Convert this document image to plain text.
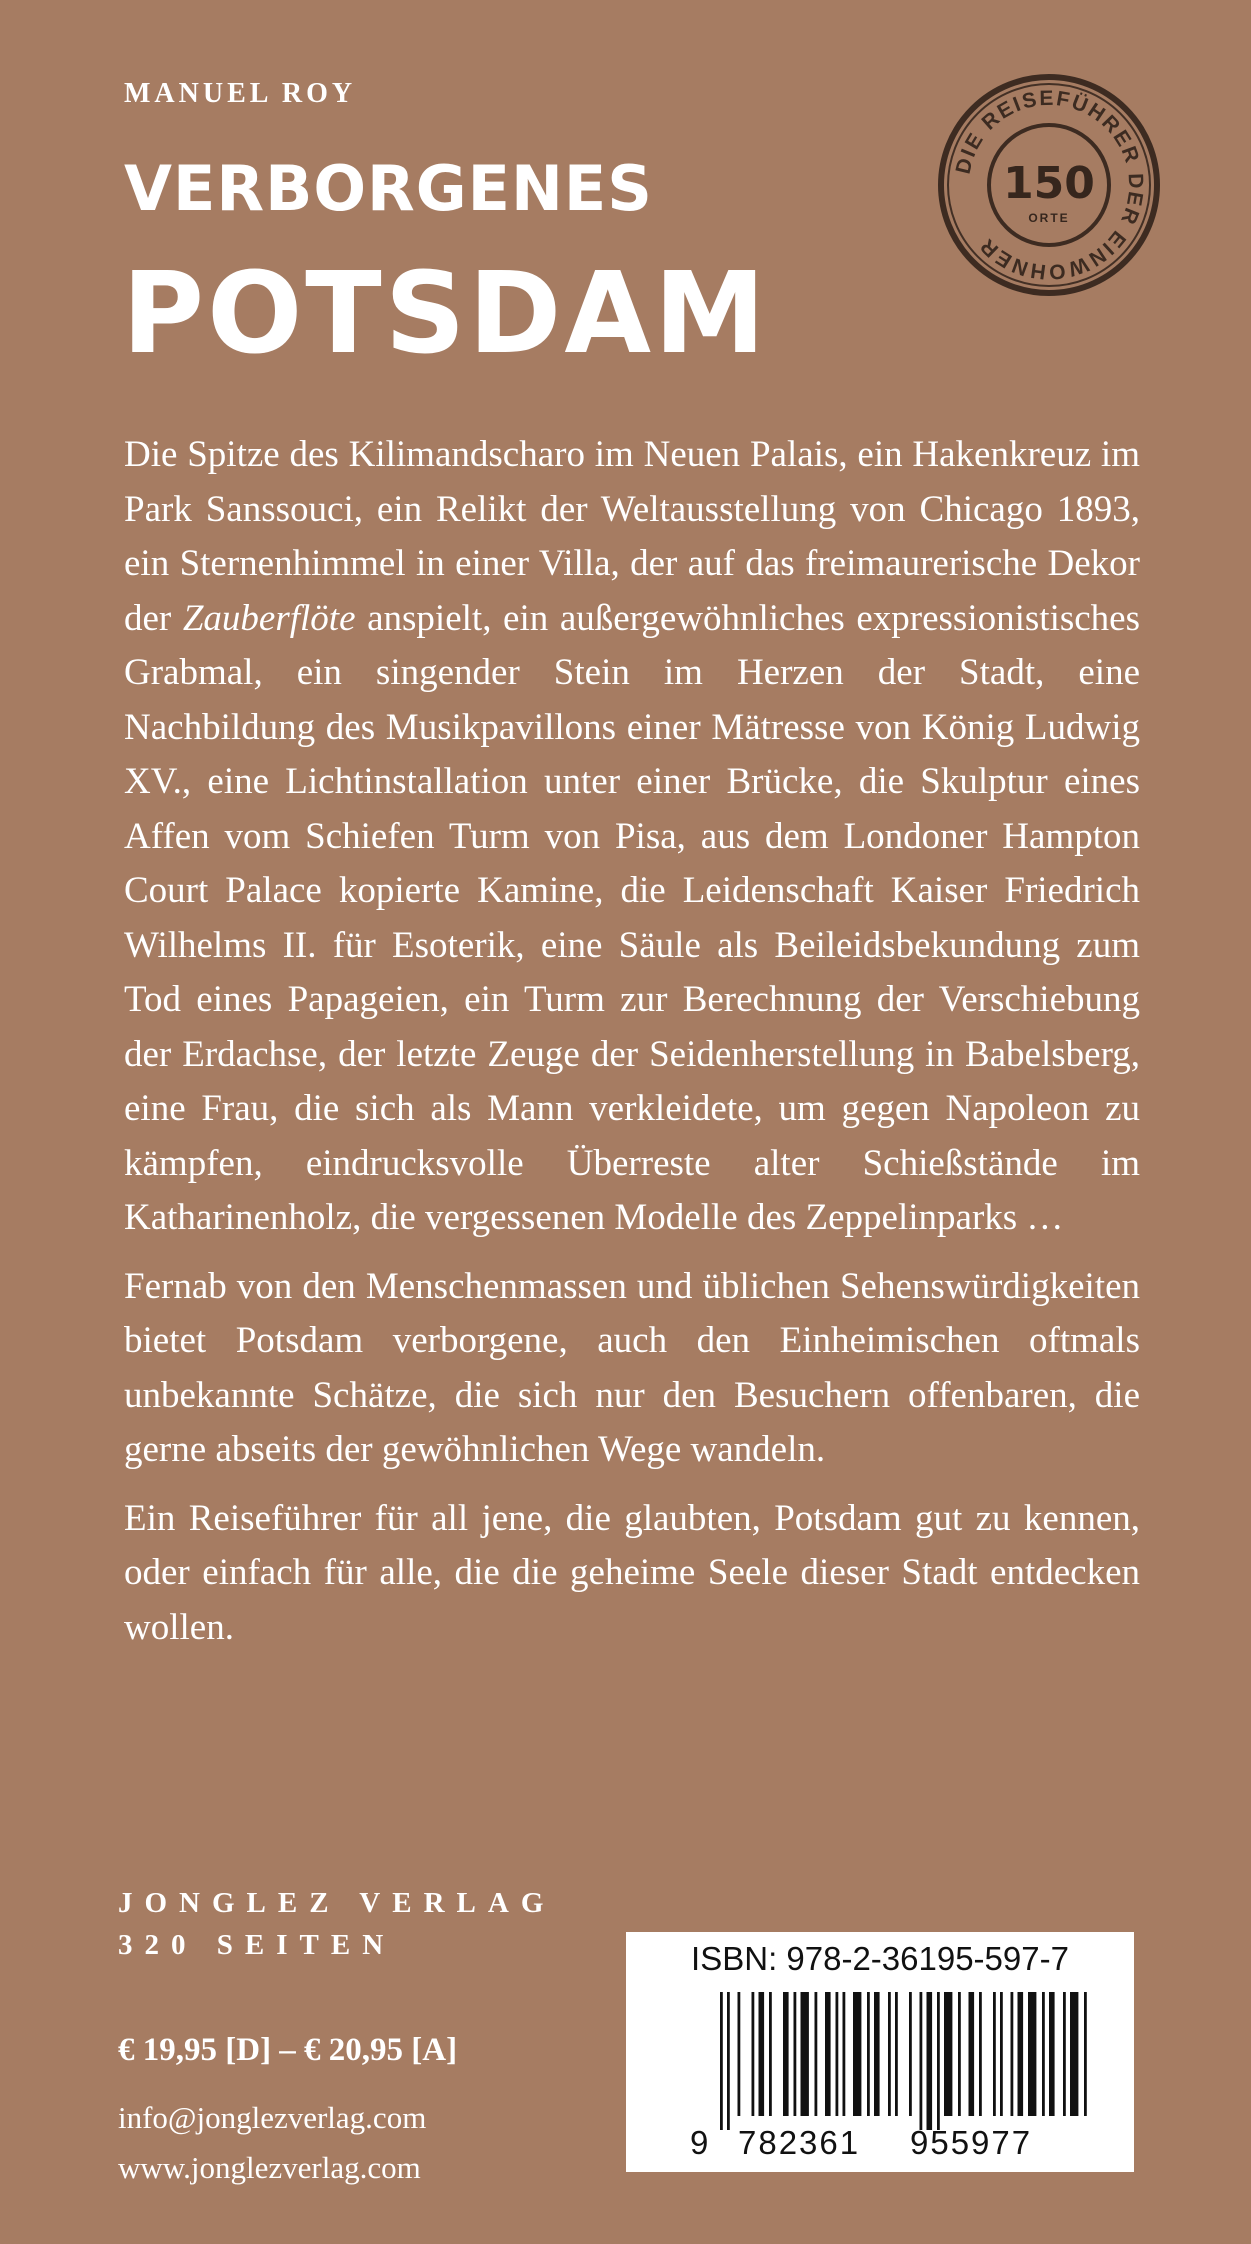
MANUEL ROY
VERBORGENES
POTSDAM
DIE REISEFÜHRER DER EINWOHNER
150
ORTE

Die Spitze des Kilimandscharo im Neuen Palais, ein Hakenkreuz im Park Sanssouci, ein Relikt der Weltausstellung von Chicago 1893, ein Sternenhimmel in einer Villa, der auf das freimaurerische Dekor der Zauberflöte anspielt, ein außergewöhnliches expressionistisches Grabmal, ein singender Stein im Herzen der Stadt, eine Nachbildung des Musikpavillons einer Mätresse von König Ludwig XV., eine Lichtinstallation unter einer Brücke, die Skulptur eines Affen vom Schiefen Turm von Pisa, aus dem Londoner Hampton Court Palace kopierte Kamine, die Leidenschaft Kaiser Friedrich Wilhelms II. für Esoterik, eine Säule als Beileidsbekundung zum Tod eines Papageien, ein Turm zur Berechnung der Verschiebung der Erdachse, der letzte Zeuge der Seidenherstellung in Babelsberg, eine Frau, die sich als Mann verkleidete, um gegen Napoleon zu kämpfen, eindrucksvolle Überreste alter Schießstände im Katharinenholz, die vergessenen Modelle des Zeppelinparks …

Fernab von den Menschenmassen und üblichen Sehenswürdigkeiten bietet Potsdam verborgene, auch den Einheimischen oftmals unbekannte Schätze, die sich nur den Besuchern offenbaren, die gerne abseits der gewöhnlichen Wege wandeln.

Ein Reiseführer für all jene, die glaubten, Potsdam gut zu kennen, oder einfach für alle, die die geheime Seele dieser Stadt entdecken wollen.

JONGLEZ VERLAG
320 SEITEN
€ 19,95 [D] – € 20,95 [A]
info@jonglezverlag.com
www.jonglezverlag.com
ISBN: 978-2-36195-597-7
9 782361 955977
